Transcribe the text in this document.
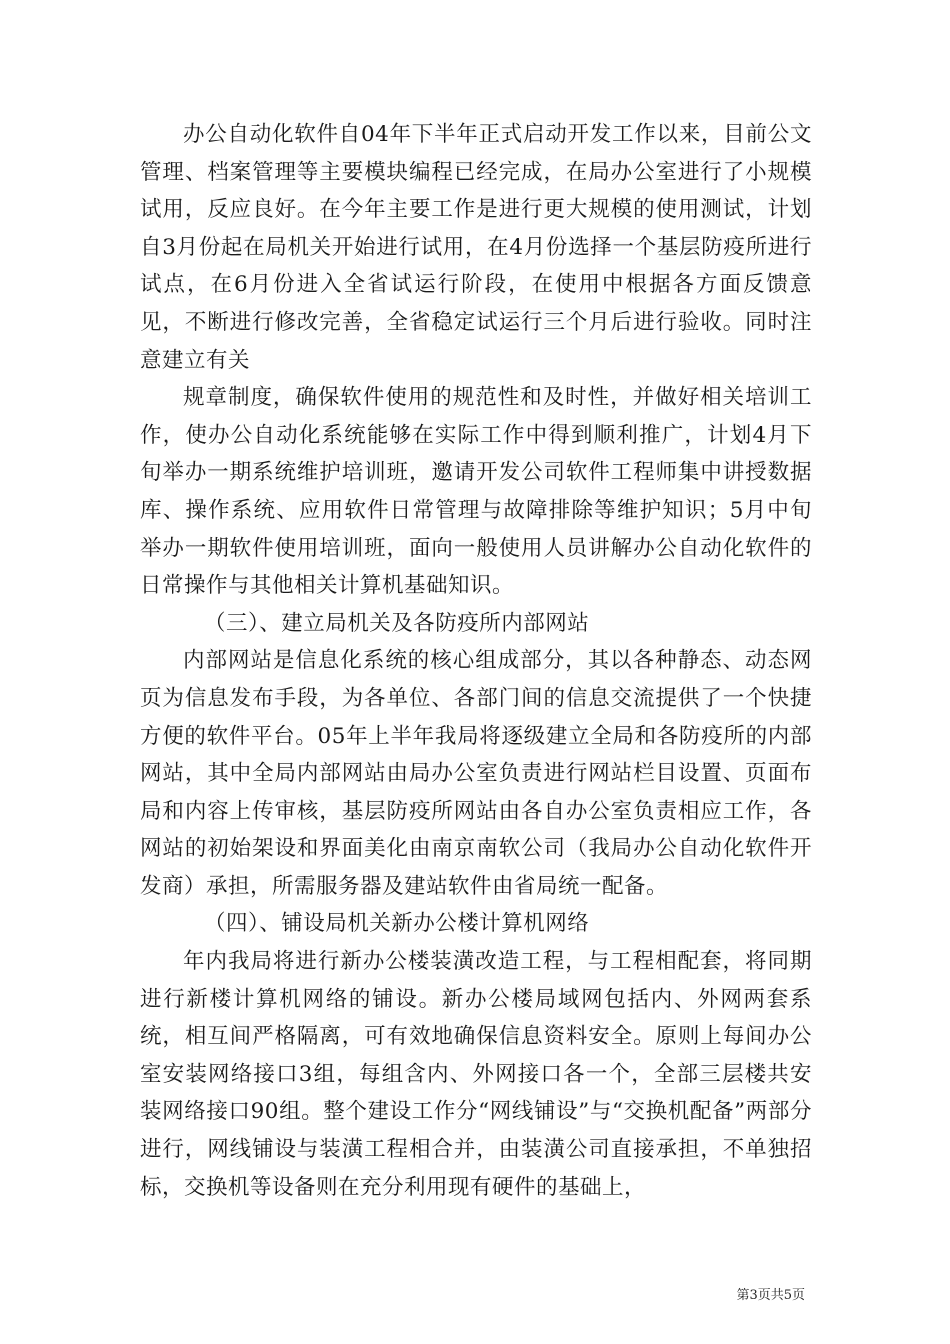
办公自动化软件自04年下半年正式启动开发工作以来，目前公文管理、档案管理等主要模块编程已经完成，在局办公室进行了小规模试用，反应良好。在今年主要工作是进行更大规模的使用测试，计划自3月份起在局机关开始进行试用，在4月份选择一个基层防疫所进行试点，在6月份进入全省试运行阶段，在使用中根据各方面反馈意见，不断进行修改完善，全省稳定试运行三个月后进行验收。同时注意建立有关

规章制度，确保软件使用的规范性和及时性，并做好相关培训工作，使办公自动化系统能够在实际工作中得到顺利推广，计划4月下旬举办一期系统维护培训班，邀请开发公司软件工程师集中讲授数据库、操作系统、应用软件日常管理与故障排除等维护知识；5月中旬举办一期软件使用培训班，面向一般使用人员讲解办公自动化软件的日常操作与其他相关计算机基础知识。

（三）、建立局机关及各防疫所内部网站

内部网站是信息化系统的核心组成部分，其以各种静态、动态网页为信息发布手段，为各单位、各部门间的信息交流提供了一个快捷方便的软件平台。05年上半年我局将逐级建立全局和各防疫所的内部网站，其中全局内部网站由局办公室负责进行网站栏目设置、页面布局和内容上传审核，基层防疫所网站由各自办公室负责相应工作，各网站的初始架设和界面美化由南京南软公司（我局办公自动化软件开发商）承担，所需服务器及建站软件由省局统一配备。

（四）、铺设局机关新办公楼计算机网络

年内我局将进行新办公楼装潢改造工程，与工程相配套，将同期进行新楼计算机网络的铺设。新办公楼局域网包括内、外网两套系统，相互间严格隔离，可有效地确保信息资料安全。原则上每间办公室安装网络接口3组，每组含内、外网接口各一个，全部三层楼共安装网络接口90组。整个建设工作分“网线铺设”与“交换机配备”两部分进行，网线铺设与装潢工程相合并，由装潢公司直接承担，不单独招标，交换机等设备则在充分利用现有硬件的基础上，

第3页共5页
